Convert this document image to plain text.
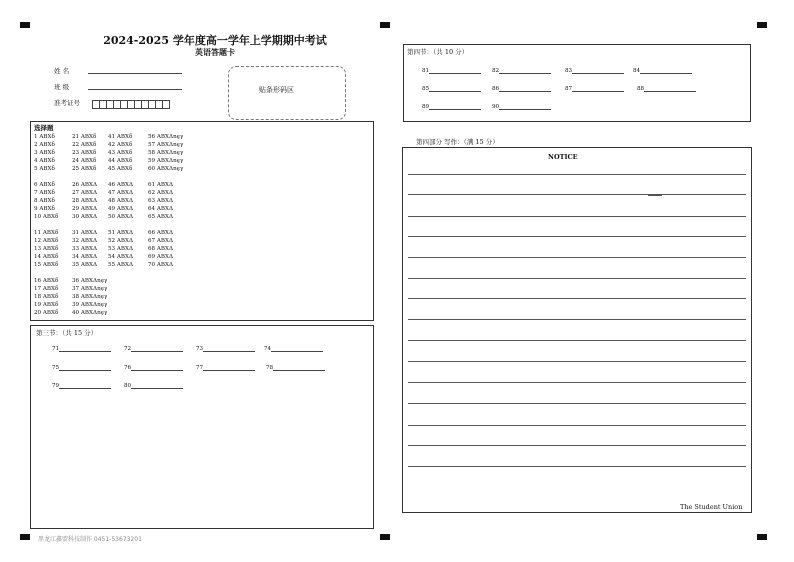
2024-2025 学年度高一学年上学期期中考试
英语答题卡
姓 名
班 级
准考证号
贴条形码区
选择题
1 ABXδ	21 ABXδ 41 ABXδ	56 ABXΔnȩγ
2 ABXδ	22 ABXδ 42 ABXδ	57 ABXΔnȩγ
3 ABXδ	23 ABXδ 43 ABXδ	58 ABXΔnȩγ
4 ABXδ	24 ABXδ 44 ABXδ	59 ABXΔnȩγ
5 ABXδ	25 ABXδ 45 ABXδ	60 ABXΔnȩγ
6 ABXδ	26 ABXΔ 46 ABXΔ	61 ABXΔ
7 ABXδ	27 ABXΔ 47 ABXΔ	62 ABXΔ
8 ABXδ	28 ABXΔ 48 ABXΔ	63 ABXΔ
9 ABXδ	29 ABXΔ 49 ABXΔ	64 ABXΔ
10 ABXδ 30 ABXΔ 50 ABXΔ	65 ABXΔ
11 ABXδ 31 ABXΔ 51 ABXΔ	66 ABXΔ
12 ABXδ 32 ABXΔ 52 ABXΔ	67 ABXΔ
13 ABXδ 33 ABXΔ 53 ABXΔ	68 ABXΔ
14 ABXδ 34 ABXΔ 54 ABXΔ	69 ABXΔ
15 ABXδ 35 ABXΔ 55 ABXΔ	70 ABXΔ
16 ABXδ 36 ABXΔnȩγ
17 ABXδ 37 ABXΔnȩγ
18 ABXδ 38 ABXΔnȩγ
19 ABXδ 39 ABXΔnȩγ
20 ABXδ 40 ABXΔnȩγ
第三节：（共 15 分）
71	72	73	74
75	76	77	78
79	80
第四节：（共 10 分）
81	82	83	84
85	86	87	88
89	90
第四部分 写作：（满 15 分）
NOTICE
The Student Union
黑龙江鑫盟科技制作 0451-53673201
